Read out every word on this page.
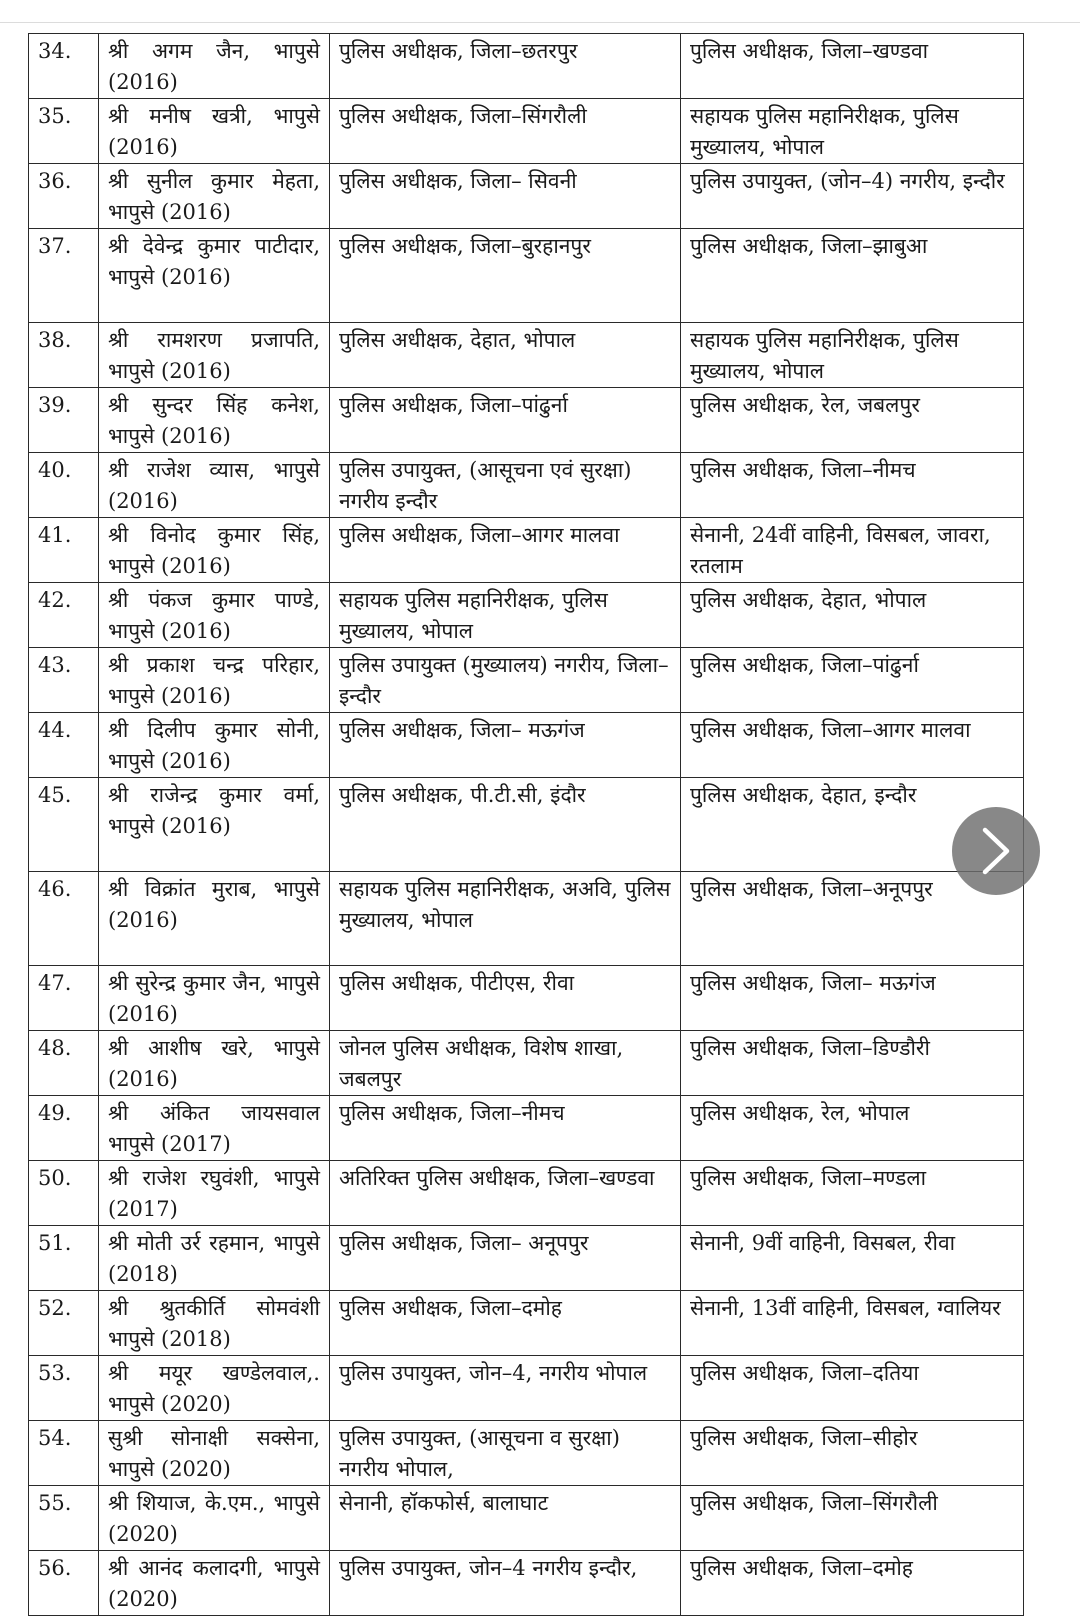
34.	श्री अगम जैन, भापुसे (2016)	पुलिस अधीक्षक, जिला–छतरपुर	पुलिस अधीक्षक, जिला–खण्डवा
35.	श्री मनीष खत्री, भापुसे (2016)	पुलिस अधीक्षक, जिला–सिंगरौली	सहायक पुलिस महानिरीक्षक, पुलिस मुख्यालय, भोपाल
36.	श्री सुनील कुमार मेहता, भापुसे (2016)	पुलिस अधीक्षक, जिला– सिवनी	पुलिस उपायुक्त, (जोन–4) नगरीय, इन्दौर
37.	श्री देवेन्द्र कुमार पाटीदार, भापुसे (2016)	पुलिस अधीक्षक, जिला–बुरहानपुर	पुलिस अधीक्षक, जिला–झाबुआ
38.	श्री रामशरण प्रजापति, भापुसे (2016)	पुलिस अधीक्षक, देहात, भोपाल	सहायक पुलिस महानिरीक्षक, पुलिस मुख्यालय, भोपाल
39.	श्री सुन्दर सिंह कनेश, भापुसे (2016)	पुलिस अधीक्षक, जिला–पांढुर्ना	पुलिस अधीक्षक, रेल, जबलपुर
40.	श्री राजेश व्यास, भापुसे (2016)	पुलिस उपायुक्त, (आसूचना एवं सुरक्षा) नगरीय इन्दौर	पुलिस अधीक्षक, जिला–नीमच
41.	श्री विनोद कुमार सिंह, भापुसे (2016)	पुलिस अधीक्षक, जिला–आगर मालवा	सेनानी, 24वीं वाहिनी, विसबल, जावरा, रतलाम
42.	श्री पंकज कुमार पाण्डे, भापुसे (2016)	सहायक पुलिस महानिरीक्षक, पुलिस मुख्यालय, भोपाल	पुलिस अधीक्षक, देहात, भोपाल
43.	श्री प्रकाश चन्द्र परिहार, भापुसे (2016)	पुलिस उपायुक्त (मुख्यालय) नगरीय, जिला–इन्दौर	पुलिस अधीक्षक, जिला–पांढुर्ना
44.	श्री दिलीप कुमार सोनी, भापुसे (2016)	पुलिस अधीक्षक, जिला– मऊगंज	पुलिस अधीक्षक, जिला–आगर मालवा
45.	श्री राजेन्द्र कुमार वर्मा, भापुसे (2016)	पुलिस अधीक्षक, पी.टी.सी, इंदौर	पुलिस अधीक्षक, देहात, इन्दौर
46.	श्री विक्रांत मुराब, भापुसे (2016)	सहायक पुलिस महानिरीक्षक, अअवि, पुलिस मुख्यालय, भोपाल	पुलिस अधीक्षक, जिला–अनूपपुर
47.	श्री सुरेन्द्र कुमार जैन, भापुसे (2016)	पुलिस अधीक्षक, पीटीएस, रीवा	पुलिस अधीक्षक, जिला– मऊगंज
48.	श्री आशीष खरे, भापुसे (2016)	जोनल पुलिस अधीक्षक, विशेष शाखा, जबलपुर	पुलिस अधीक्षक, जिला–डिण्डौरी
49.	श्री अंकित जायसवाल भापुसे (2017)	पुलिस अधीक्षक, जिला–नीमच	पुलिस अधीक्षक, रेल, भोपाल
50.	श्री राजेश रघुवंशी, भापुसे (2017)	अतिरिक्त पुलिस अधीक्षक, जिला–खण्डवा	पुलिस अधीक्षक, जिला–मण्डला
51.	श्री मोती उर्र रहमान, भापुसे (2018)	पुलिस अधीक्षक, जिला– अनूपपुर	सेनानी, 9वीं वाहिनी, विसबल, रीवा
52.	श्री श्रुतकीर्ति सोमवंशी भापुसे (2018)	पुलिस अधीक्षक, जिला–दमोह	सेनानी, 13वीं वाहिनी, विसबल, ग्वालियर
53.	श्री मयूर खण्डेलवाल,. भापुसे (2020)	पुलिस उपायुक्त, जोन–4, नगरीय भोपाल	पुलिस अधीक्षक, जिला–दतिया
54.	सुश्री सोनाक्षी सक्सेना, भापुसे (2020)	पुलिस उपायुक्त, (आसूचना व सुरक्षा) नगरीय भोपाल,	पुलिस अधीक्षक, जिला–सीहोर
55.	श्री शियाज, के.एम., भापुसे (2020)	सेनानी, हॉकफोर्स, बालाघाट	पुलिस अधीक्षक, जिला–सिंगरौली
56.	श्री आनंद कलादगी, भापुसे (2020)	पुलिस उपायुक्त, जोन–4 नगरीय इन्दौर,	पुलिस अधीक्षक, जिला–दमोह
